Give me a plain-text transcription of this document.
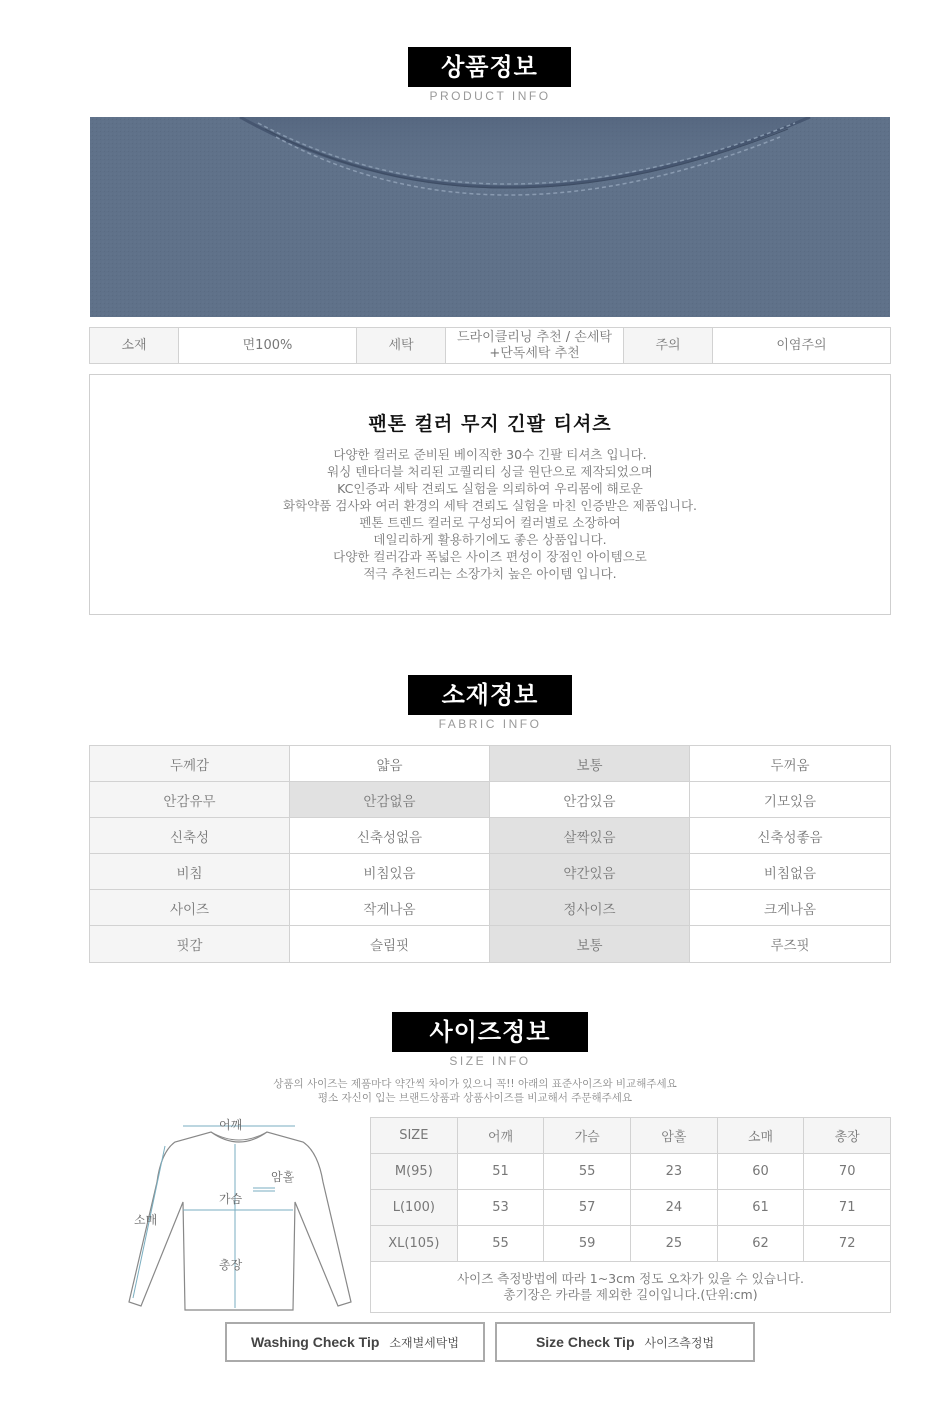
상품정보
PRODUCT INFO
소재	면100%	세탁
드라이클리닝 추천 / 손세탁
+단독세탁 추천
주의	이염주의
팬톤 컬러 무지 긴팔 티셔츠
다양한 컬러로 준비된 베이직한 30수 긴팔 티셔츠 입니다.
워싱 텐타더블 처리된 고퀄리티 싱글 원단으로 제작되었으며
KC인증과 세탁 견뢰도 실험을 의뢰하여 우리몸에 해로운
화학약품 검사와 여러 환경의 세탁 견뢰도 실험을 마친 인증받은 제품입니다.
펜톤 트렌드 컬러로 구성되어 컬러별로 소장하여
데일리하게 활용하기에도 좋은 상품입니다.
다양한 컬러감과 폭넓은 사이즈 편성이 장점인 아이템으로
적극 추천드리는 소장가치 높은 아이템 입니다.
소재정보
FABRIC INFO
두께감	얇음	보통	두꺼움
안감유무	안감없음	안감있음	기모있음
신축성	신축성없음	살짝있음	신축성좋음
비침	비침있음	약간있음	비침없음
사이즈	작게나옴	정사이즈	크게나옴
핏감	슬림핏	보통	루즈핏
사이즈정보
SIZE INFO
상품의 사이즈는 제품마다 약간씩 차이가 있으니 꼭!! 아래의 표준사이즈와 비교해주세요
평소 자신이 입는 브랜드상품과 상품사이즈를 비교해서 주문해주세요
어깨
암홀
가슴
소매
총장
SIZE	어깨	가슴	암홀	소매	총장
M(95)	51	55	23	60	70
L(100)	53	57	24	61	71
XL(105)	55	59	25	62	72
사이즈 측정방법에 따라 1~3cm 정도 오차가 있을 수 있습니다.
총기장은 카라를 제외한 길이입니다.(단위:cm)
Washing Check Tip 소재별세탁법	Size Check Tip 사이즈측정법
